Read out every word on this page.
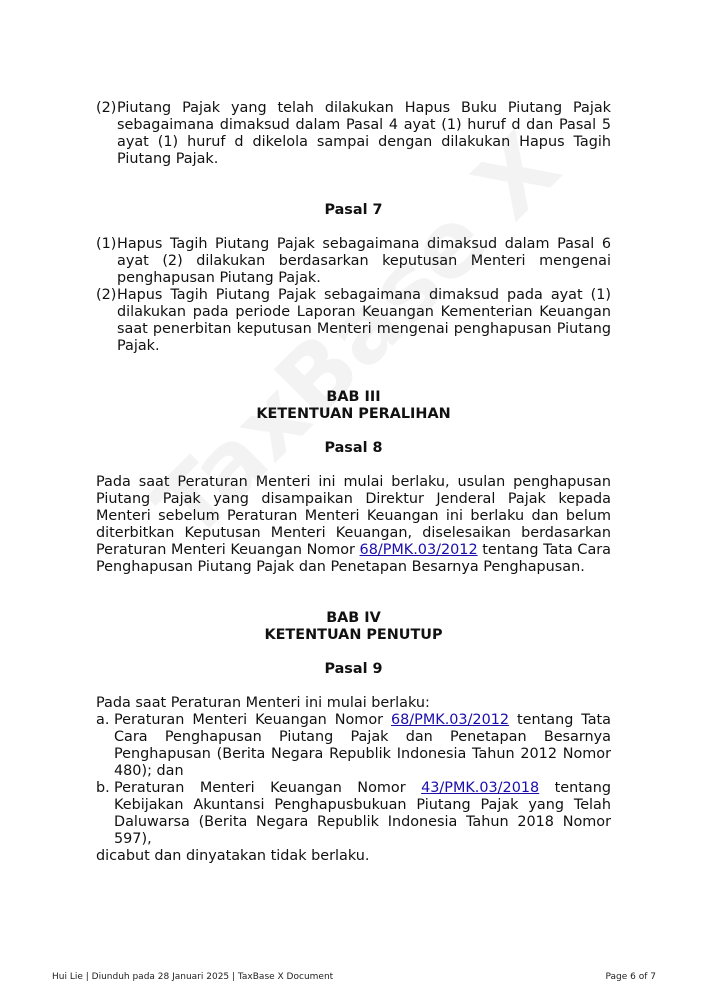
(2) Piutang Pajak yang telah dilakukan Hapus Buku Piutang Pajak sebagaimana dimaksud dalam Pasal 4 ayat (1) huruf d dan Pasal 5 ayat (1) huruf d dikelola sampai dengan dilakukan Hapus Tagih Piutang Pajak.
Pasal 7
(1) Hapus Tagih Piutang Pajak sebagaimana dimaksud dalam Pasal 6 ayat (2) dilakukan berdasarkan keputusan Menteri mengenai penghapusan Piutang Pajak.
(2) Hapus Tagih Piutang Pajak sebagaimana dimaksud pada ayat (1) dilakukan pada periode Laporan Keuangan Kementerian Keuangan saat penerbitan keputusan Menteri mengenai penghapusan Piutang Pajak.
BAB III
KETENTUAN PERALIHAN
Pasal 8
Pada saat Peraturan Menteri ini mulai berlaku, usulan penghapusan Piutang Pajak yang disampaikan Direktur Jenderal Pajak kepada Menteri sebelum Peraturan Menteri Keuangan ini berlaku dan belum diterbitkan Keputusan Menteri Keuangan, diselesaikan berdasarkan Peraturan Menteri Keuangan Nomor 68/PMK.03/2012 tentang Tata Cara Penghapusan Piutang Pajak dan Penetapan Besarnya Penghapusan.
BAB IV
KETENTUAN PENUTUP
Pasal 9
Pada saat Peraturan Menteri ini mulai berlaku:
a. Peraturan Menteri Keuangan Nomor 68/PMK.03/2012 tentang Tata Cara Penghapusan Piutang Pajak dan Penetapan Besarnya Penghapusan (Berita Negara Republik Indonesia Tahun 2012 Nomor 480); dan
b. Peraturan Menteri Keuangan Nomor 43/PMK.03/2018 tentang Kebijakan Akuntansi Penghapusbukuan Piutang Pajak yang Telah Daluwarsa (Berita Negara Republik Indonesia Tahun 2018 Nomor 597),
dicabut dan dinyatakan tidak berlaku.
Hui Lie | Diunduh pada 28 Januari 2025 | TaxBase X Document	Page 6 of 7
